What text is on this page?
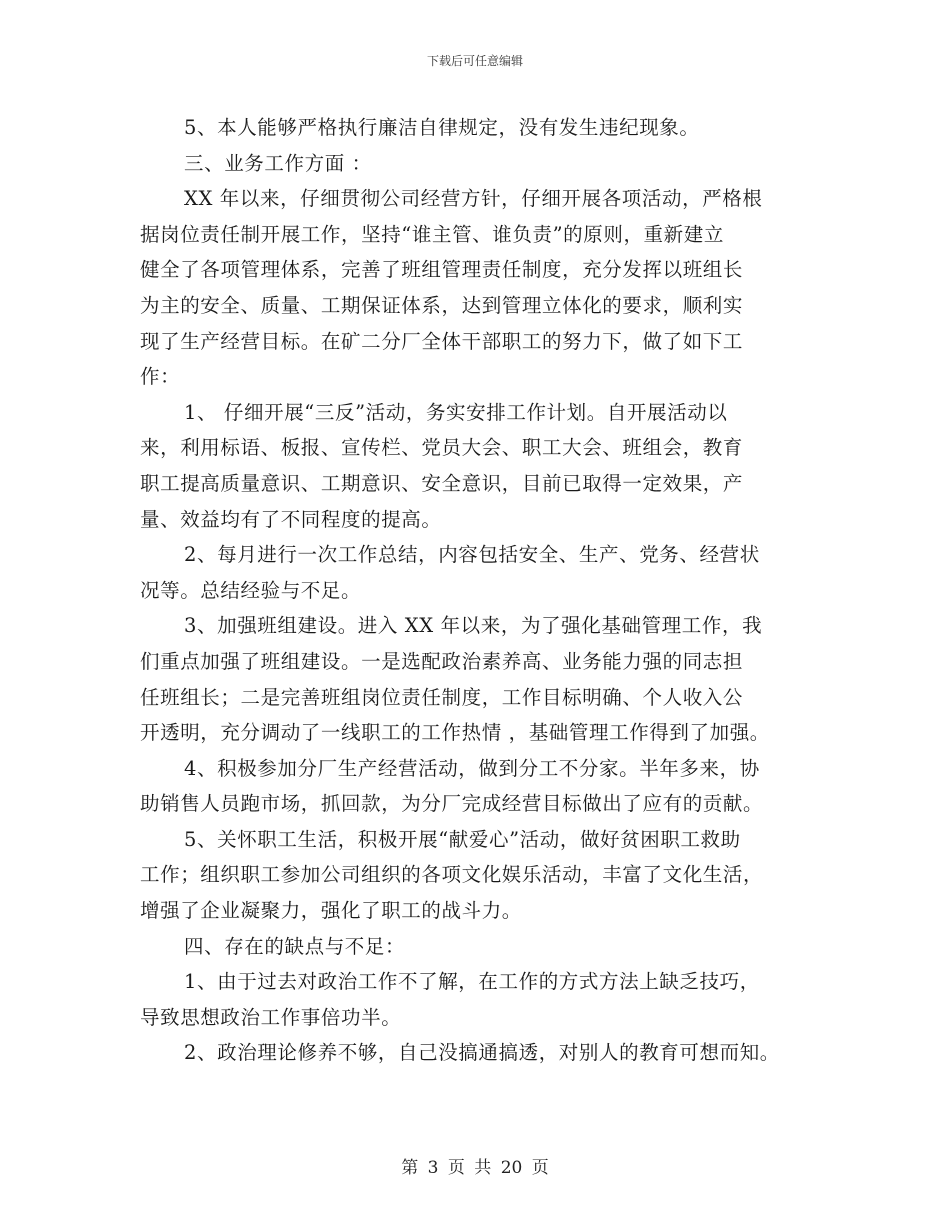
下载后可任意编辑
5、本人能够严格执行廉洁自律规定，没有发生违纪现象。
三、业务工作方面 ：
XX 年以来，仔细贯彻公司经营方针，仔细开展各项活动，严格根
据岗位责任制开展工作，坚持“谁主管、谁负责”的原则，重新建立
健全了各项管理体系，完善了班组管理责任制度，充分发挥以班组长
为主的安全、质量、工期保证体系，达到管理立体化的要求，顺利实
现了生产经营目标。在矿二分厂全体干部职工的努力下，做了如下工
作：
1、 仔细开展“三反”活动，务实安排工作计划。自开展活动以
来，利用标语、板报、宣传栏、党员大会、职工大会、班组会，教育
职工提高质量意识、工期意识、安全意识，目前已取得一定效果，产
量、效益均有了不同程度的提高。
2、每月进行一次工作总结，内容包括安全、生产、党务、经营状
况等。总结经验与不足。
3、加强班组建设。进入 XX 年以来，为了强化基础管理工作，我
们重点加强了班组建设。一是选配政治素养高、业务能力强的同志担
任班组长；二是完善班组岗位责任制度，工作目标明确、个人收入公
开透明，充分调动了一线职工的工作热情 ，基础管理工作得到了加强。
4、积极参加分厂生产经营活动，做到分工不分家。半年多来，协
助销售人员跑市场，抓回款，为分厂完成经营目标做出了应有的贡献。
5、关怀职工生活，积极开展“献爱心”活动，做好贫困职工救助
工作；组织职工参加公司组织的各项文化娱乐活动，丰富了文化生活，
增强了企业凝聚力，强化了职工的战斗力。
四、存在的缺点与不足：
1、由于过去对政治工作不了解，在工作的方式方法上缺乏技巧，
导致思想政治工作事倍功半。
2、政治理论修养不够，自己没搞通搞透，对别人的教育可想而知。
第 3 页 共 20 页
